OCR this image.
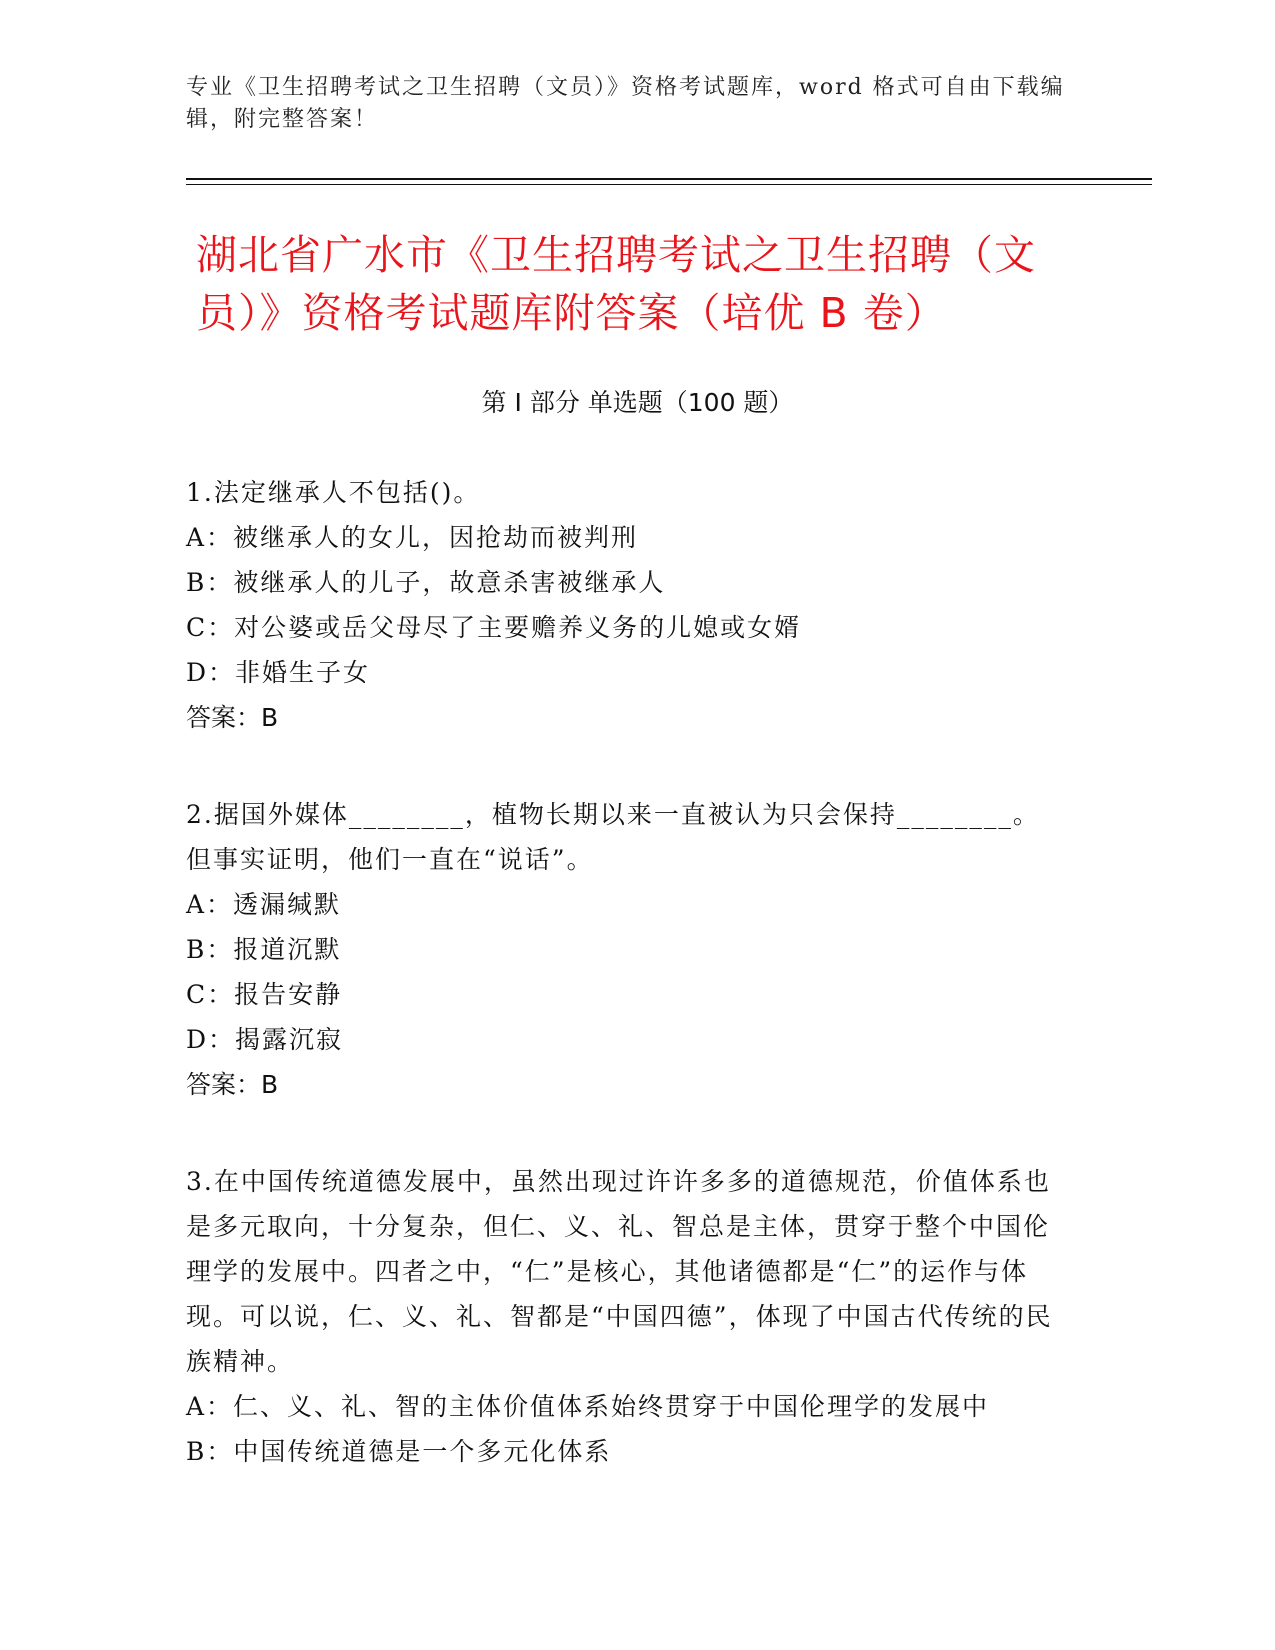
专业《卫生招聘考试之卫生招聘（文员）》资格考试题库，word 格式可自由下载编辑，附完整答案！
湖北省广水市《卫生招聘考试之卫生招聘（文员）》资格考试题库附答案（培优 B 卷）
第 I 部分 单选题（100 题）
1.法定继承人不包括()。
A：被继承人的女儿，因抢劫而被判刑
B：被继承人的儿子，故意杀害被继承人
C：对公婆或岳父母尽了主要赡养义务的儿媳或女婿
D：非婚生子女
答案：B
2.据国外媒体________，植物长期以来一直被认为只会保持________。但事实证明，他们一直在“说话”。
A：透漏缄默
B：报道沉默
C：报告安静
D：揭露沉寂
答案：B
3.在中国传统道德发展中，虽然出现过许许多多的道德规范，价值体系也是多元取向，十分复杂，但仁、义、礼、智总是主体，贯穿于整个中国伦理学的发展中。四者之中，“仁”是核心，其他诸德都是“仁”的运作与体现。可以说，仁、义、礼、智都是“中国四德”，体现了中国古代传统的民族精神。
A：仁、义、礼、智的主体价值体系始终贯穿于中国伦理学的发展中
B：中国传统道德是一个多元化体系
